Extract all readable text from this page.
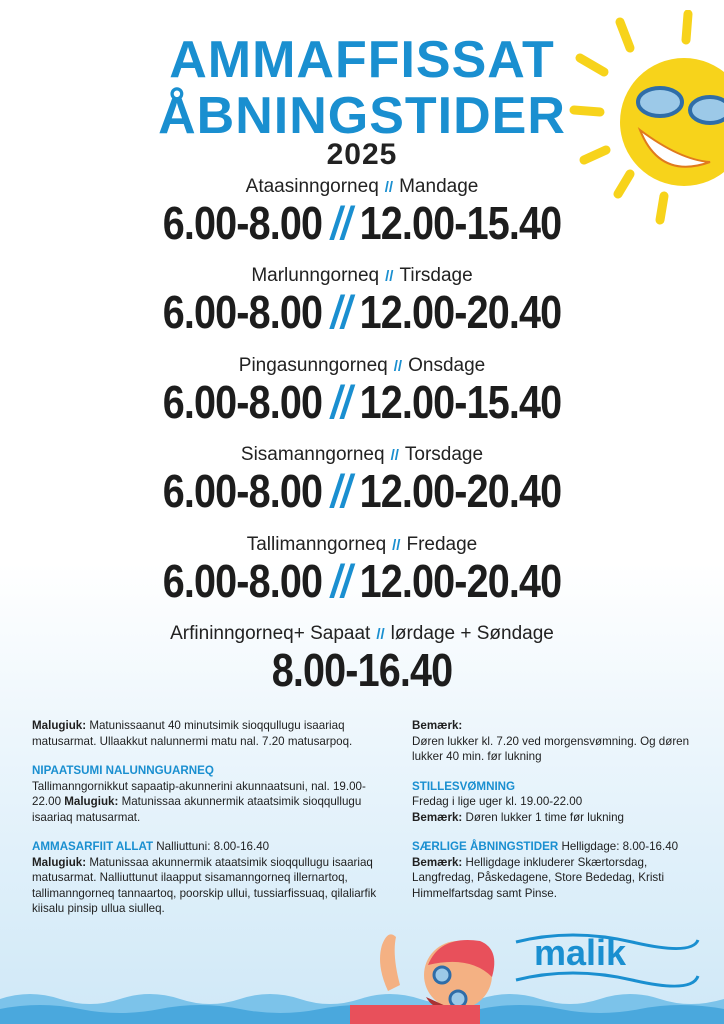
AMMAFFISSAT
ÅBNINGSTIDER
2025
Ataasinngorneq // Mandage
6.00-8.00 // 12.00-15.40
Marlunngorneq // Tirsdage
6.00-8.00 // 12.00-20.40
Pingasunngorneq // Onsdage
6.00-8.00 // 12.00-15.40
Sisamanngorneq // Torsdage
6.00-8.00 // 12.00-20.40
Tallimanngorneq // Fredage
6.00-8.00 // 12.00-20.40
Arfininngorneq+ Sapaat // lørdage + Søndage
8.00-16.40
Malugiuk: Matunissaanut 40 minutsimik sioqqullugu isaariaq matusarmat. Ullaakkut nalunnermi matu nal. 7.20 matusarpoq.
NIPAATSUMI NALUNNGUARNEQ
Tallimanngornikkut sapaatip-akunnerini akunnaatsuni, nal. 19.00-22.00 Malugiuk: Matunissaa akunnermik ataatsimik sioqqullugu isaariaq matusarmat.
AMMASARFIIT ALLAT Nalliuttuni: 8.00-16.40
Malugiuk: Matunissaa akunnermik ataatsimik sioqqullugu isaariaq matusarmat. Nalliuttunut ilaapput sisamanngorneq illernartoq, tallimanngorneq tannaartoq, poorskip ullui, tussiarfissuaq, qilaliarfik kiisalu pinsip ullua siulleq.
Bemærk:
Døren lukker kl. 7.20 ved morgensvømning. Og døren lukker 40 min. før lukning
STILLESVØMNING
Fredag i lige uger kl. 19.00-22.00
Bemærk: Døren lukker 1 time før lukning
SÆRLIGE ÅBNINGSTIDER Helligdage: 8.00-16.40
Bemærk: Helligdage inkluderer Skærtorsdag, Langfredag, Påskedagene, Store Bededag, Kristi Himmelfartsdag samt Pinse.
malik
